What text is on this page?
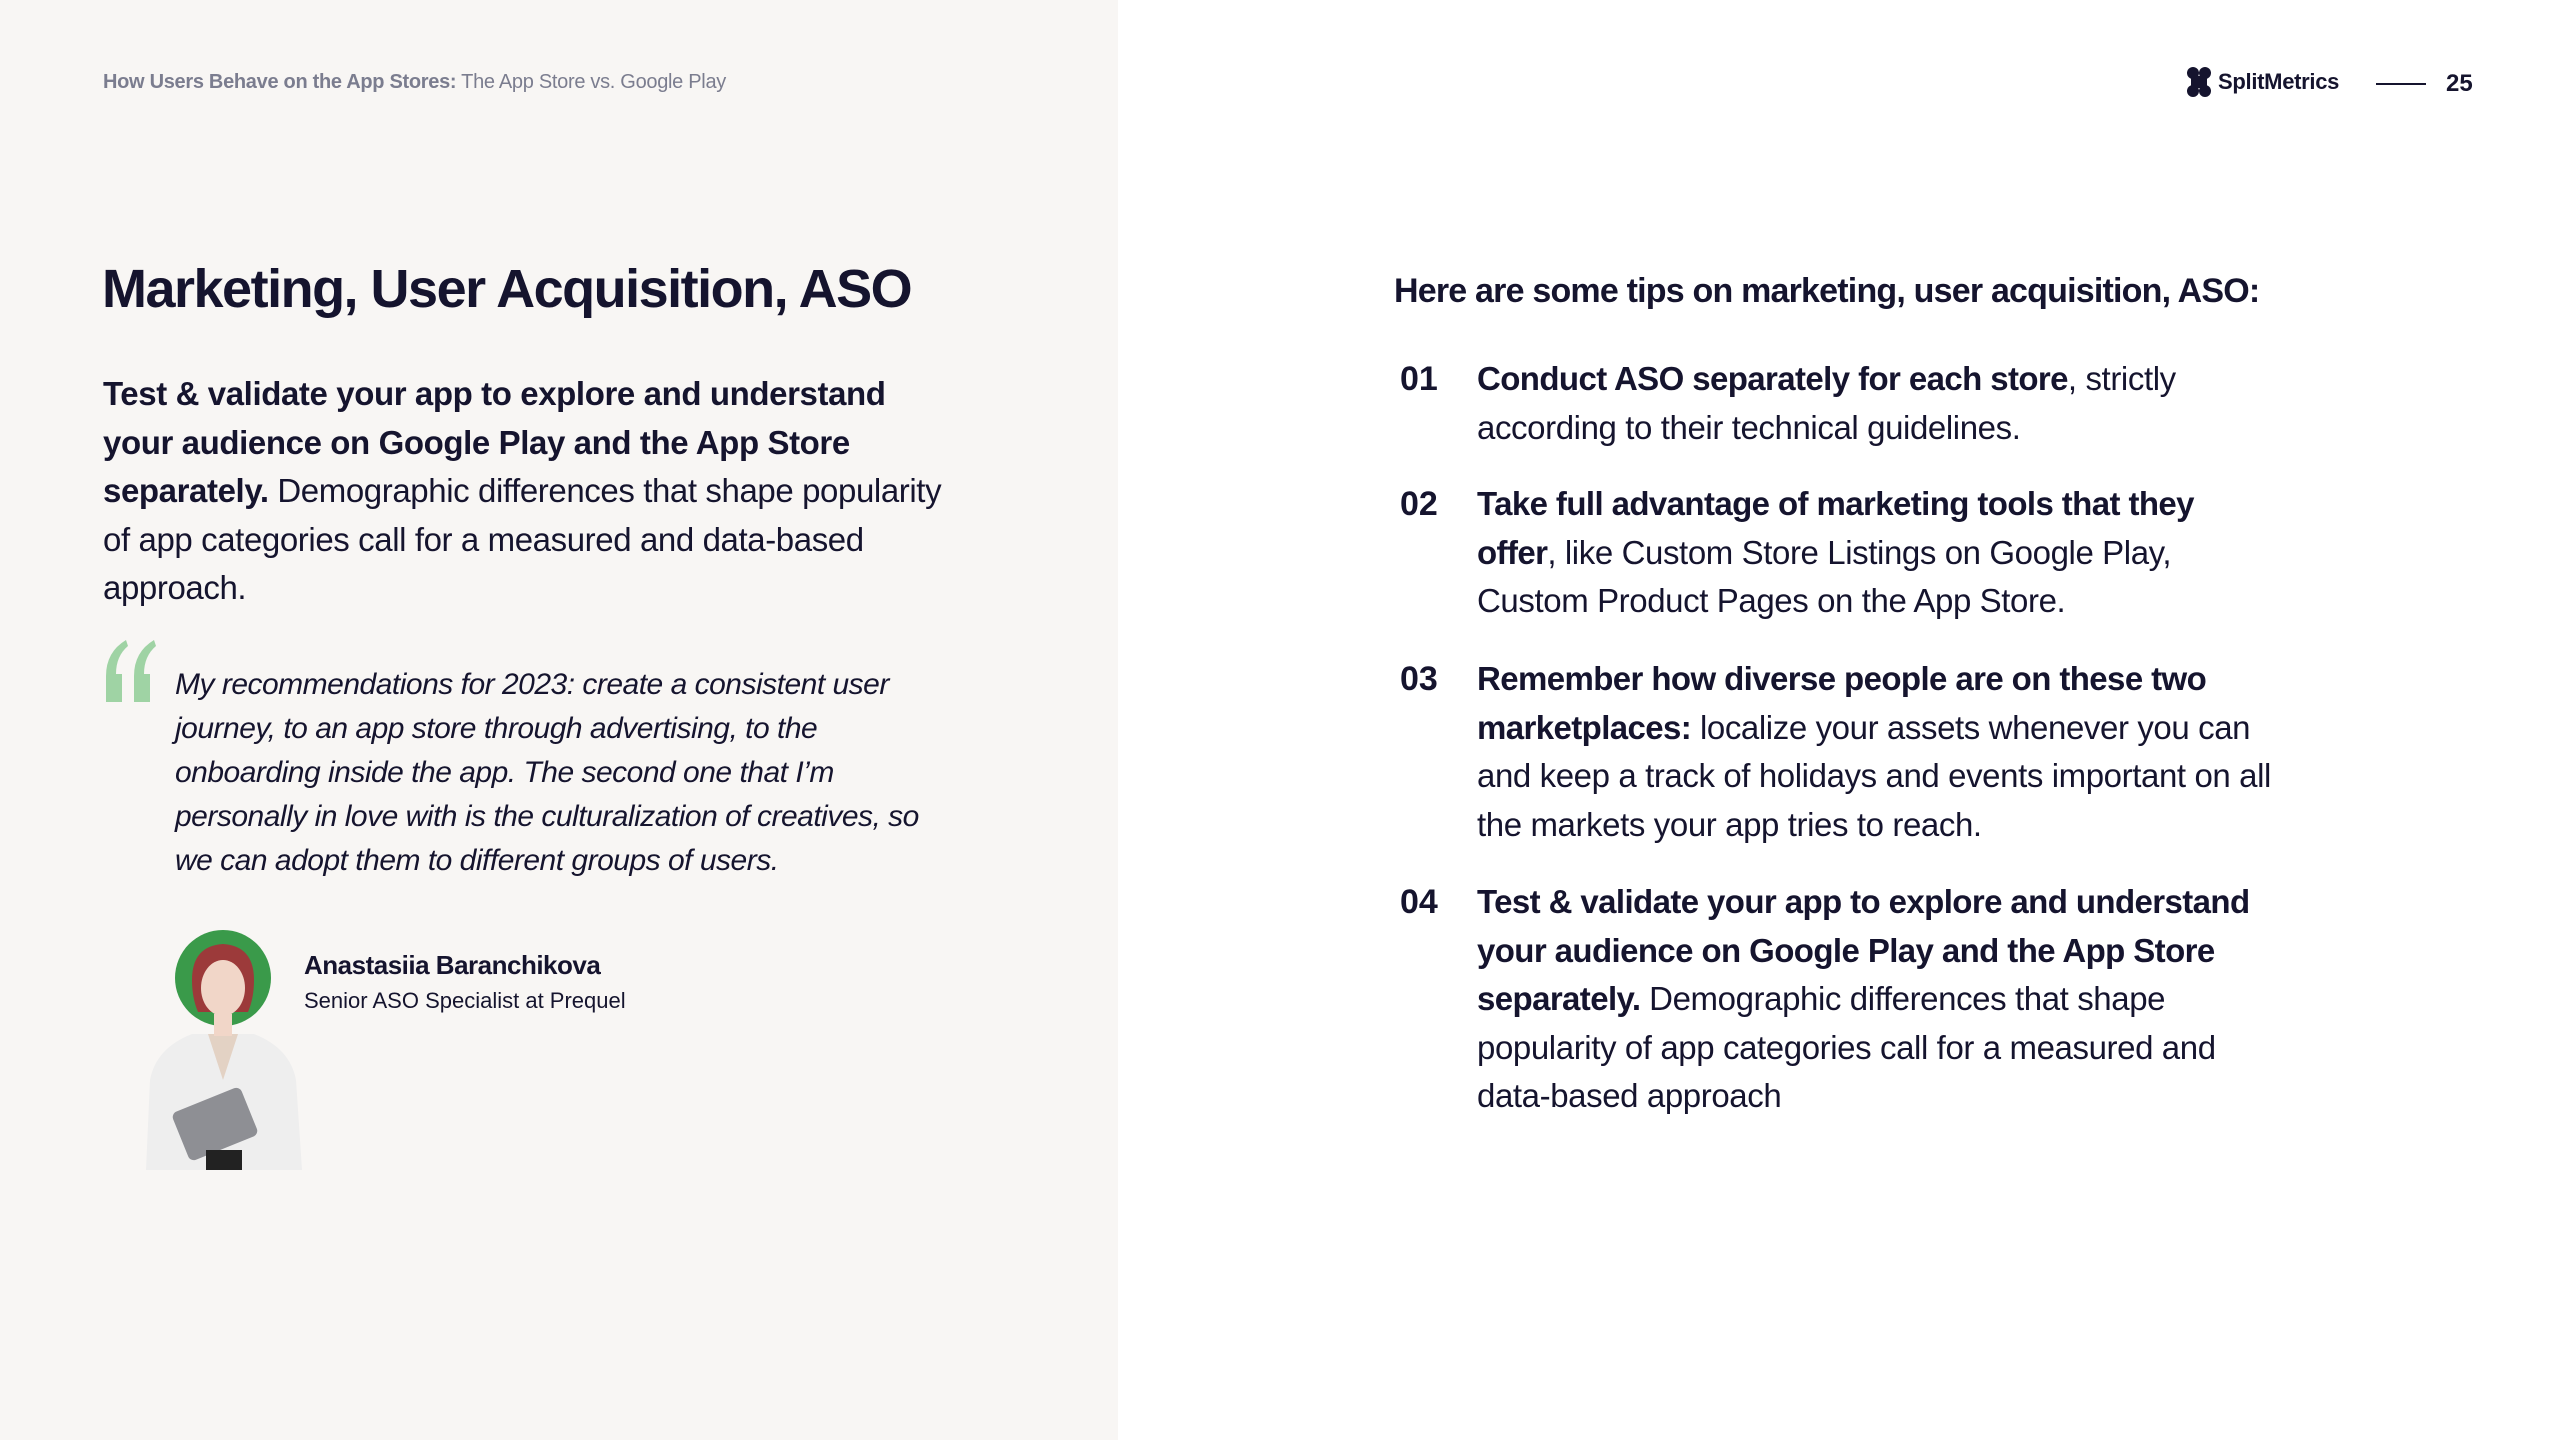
How Users Behave on the App Stores: The App Store vs. Google Play
Marketing, User Acquisition, ASO

Test & validate your app to explore and understand your audience on Google Play and the App Store separately. Demographic differences that shape popularity of app categories call for a measured and data-based approach.

My recommendations for 2023: create a consistent user journey, to an app store through advertising, to the onboarding inside the app. The second one that I’m personally in love with is the culturalization of creatives, so we can adopt them to different groups of users.

Anastasiia Baranchikova
Senior ASO Specialist at Prequel
SplitMetrics	25
Here are some tips on marketing, user acquisition, ASO:
01 Conduct ASO separately for each store, strictly according to their technical guidelines.
02 Take full advantage of marketing tools that they offer, like Custom Store Listings on Google Play, Custom Product Pages on the App Store.
03 Remember how diverse people are on these two marketplaces: localize your assets whenever you can and keep a track of holidays and events important on all the markets your app tries to reach.
04 Test & validate your app to explore and understand your audience on Google Play and the App Store separately. Demographic differences that shape popularity of app categories call for a measured and data-based approach
